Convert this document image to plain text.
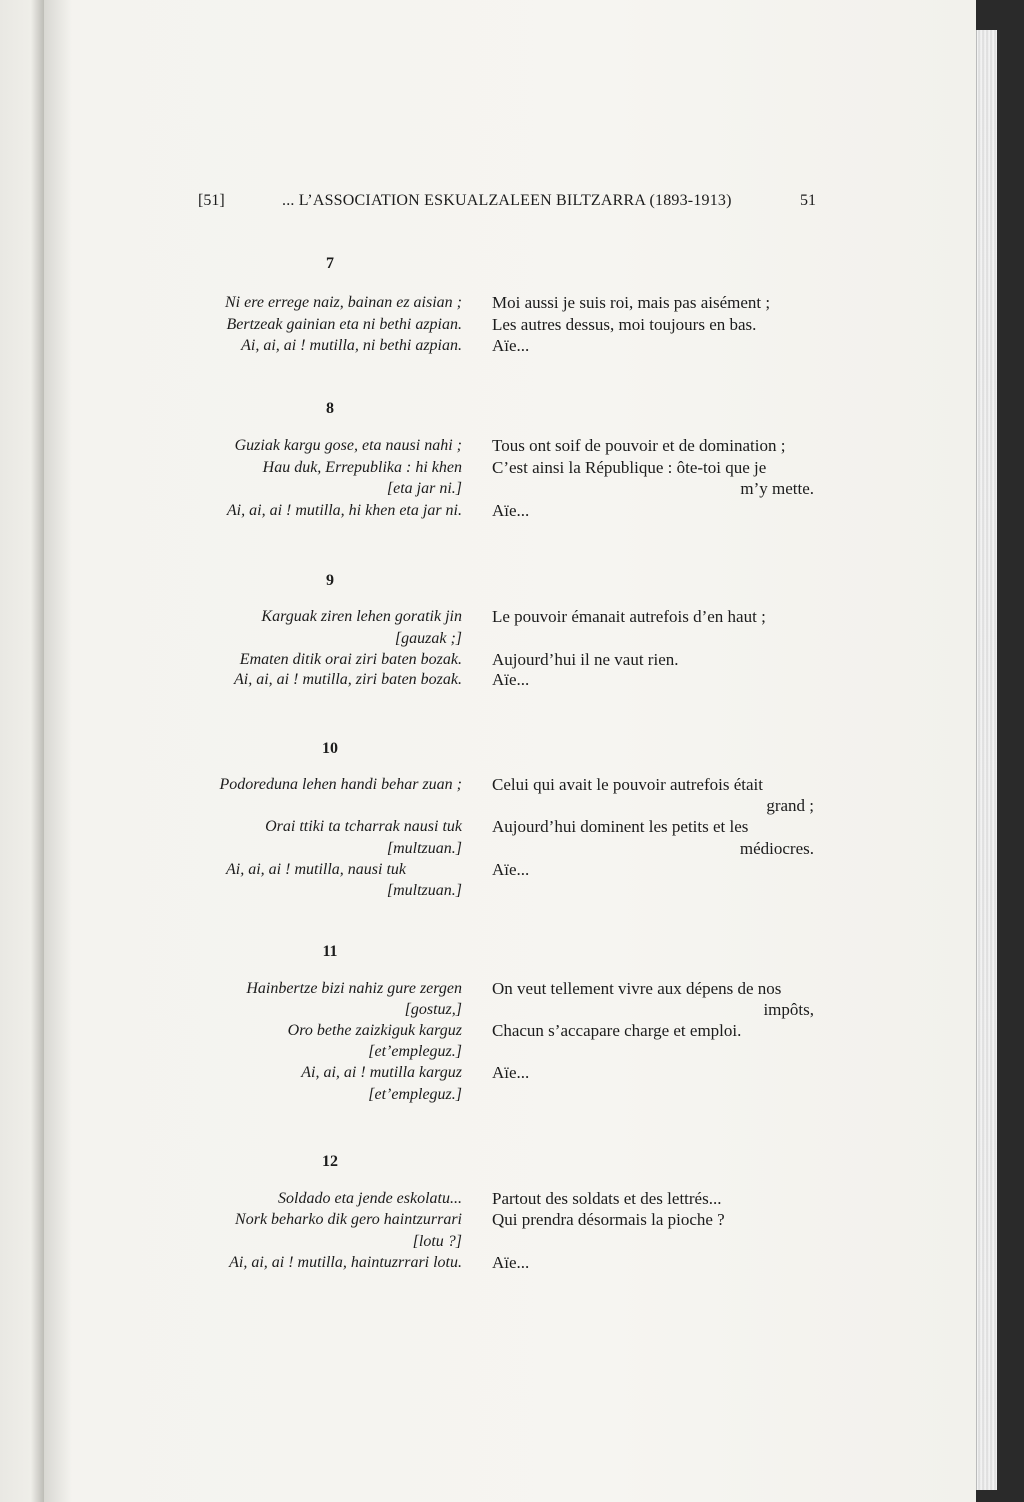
[51]	... L’ASSOCIATION ESKUALZALEEN BILTZARRA (1893-1913)	51
7
Ni ere errege naiz, bainan ez aisian ;
Bertzeak gainian eta ni bethi azpian.
Ai, ai, ai ! mutilla, ni bethi azpian.
Moi aussi je suis roi, mais pas aisément ;
Les autres dessus, moi toujours en bas.
Aïe...
8
Guziak kargu gose, eta nausi nahi ;
Hau duk, Errepublika : hi khen
[eta jar ni.]
Ai, ai, ai ! mutilla, hi khen eta jar ni.
Tous ont soif de pouvoir et de domination ;
C’est ainsi la République : ôte-toi que je
m’y mette.
Aïe...
9
Karguak ziren lehen goratik jin
[gauzak ;]
Ematen ditik orai ziri baten bozak.
Ai, ai, ai ! mutilla, ziri baten bozak.
Le pouvoir émanait autrefois d’en haut ;
Aujourd’hui il ne vaut rien.
Aïe...
10
Podoreduna lehen handi behar zuan ;
Orai ttiki ta tcharrak nausi tuk
[multzuan.]
Ai, ai, ai ! mutilla, nausi tuk
[multzuan.]
Celui qui avait le pouvoir autrefois était
grand ;
Aujourd’hui dominent les petits et les
médiocres.
Aïe...
11
Hainbertze bizi nahiz gure zergen
[gostuz,]
Oro bethe zaizkiguk karguz
[et’empleguz.]
Ai, ai, ai ! mutilla karguz
[et’empleguz.]
On veut tellement vivre aux dépens de nos
impôts,
Chacun s’accapare charge et emploi.
Aïe...
12
Soldado eta jende eskolatu...
Nork beharko dik gero haintzurrari
[lotu ?]
Ai, ai, ai ! mutilla, haintuzrrari lotu.
Partout des soldats et des lettrés...
Qui prendra désormais la pioche ?
Aïe...
